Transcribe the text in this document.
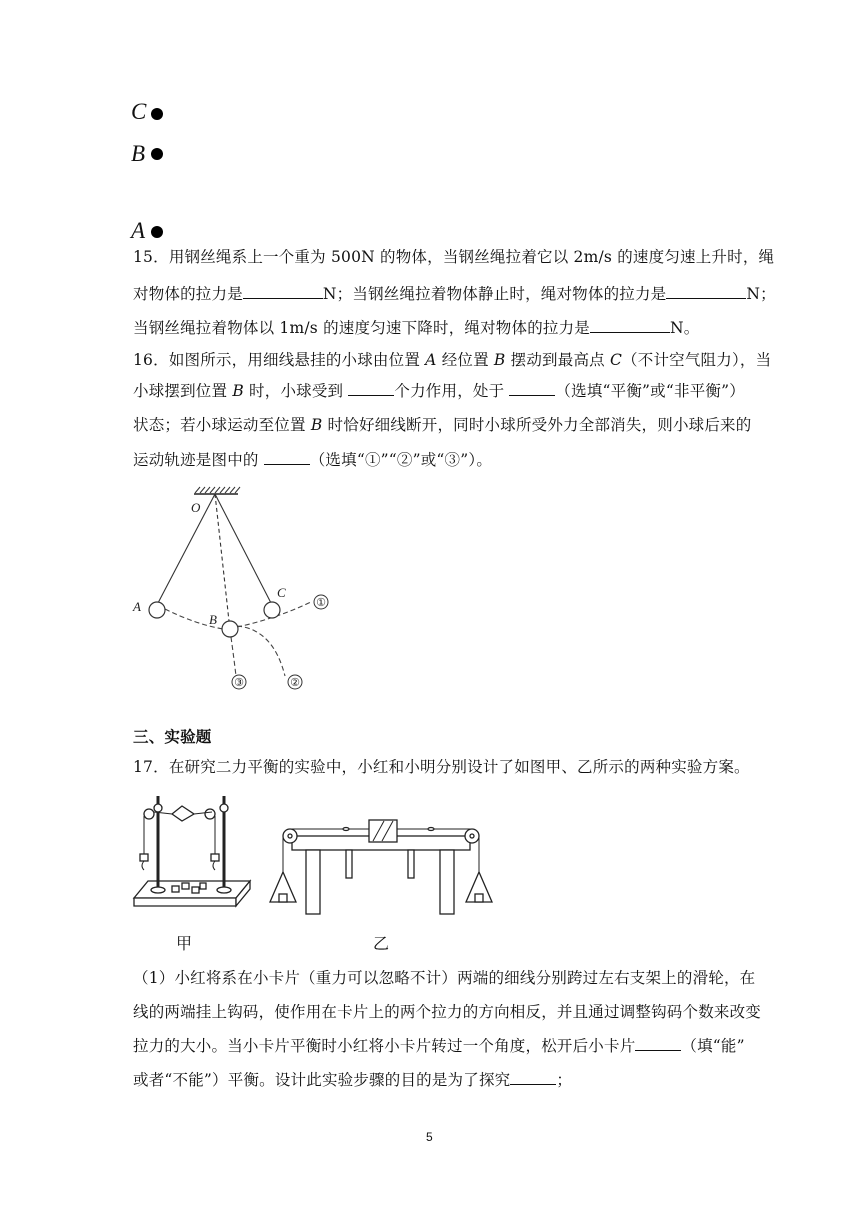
C
B
A
15．用钢丝绳系上一个重为 500N 的物体，当钢丝绳拉着它以 2m/s 的速度匀速上升时，绳
对物体的拉力是	N；当钢丝绳拉着物体静止时，绳对物体的拉力是	N；
当钢丝绳拉着物体以 1m/s 的速度匀速下降时，绳对物体的拉力是	N。
16．如图所示，用细线悬挂的小球由位置 A 经位置 B 摆动到最高点 C（不计空气阻力），当
小球摆到位置 B 时，小球受到	个力作用，处于	（选填“平衡”或“非平衡”）
状态；若小球运动至位置 B 时恰好细线断开，同时小球所受外力全部消失，则小球后来的
运动轨迹是图中的	（选填“①”“②”或“③”）。
①
②
③
O
A
B
C
三、实验题
17．在研究二力平衡的实验中，小红和小明分别设计了如图甲、乙所示的两种实验方案。
甲	乙
（1）小红将系在小卡片（重力可以忽略不计）两端的细线分别跨过左右支架上的滑轮，在
线的两端挂上钩码，使作用在卡片上的两个拉力的方向相反，并且通过调整钩码个数来改变
拉力的大小。当小卡片平衡时小红将小卡片转过一个角度，松开后小卡片	（填“能”
或者“不能”）平衡。设计此实验步骤的目的是为了探究	；
5
